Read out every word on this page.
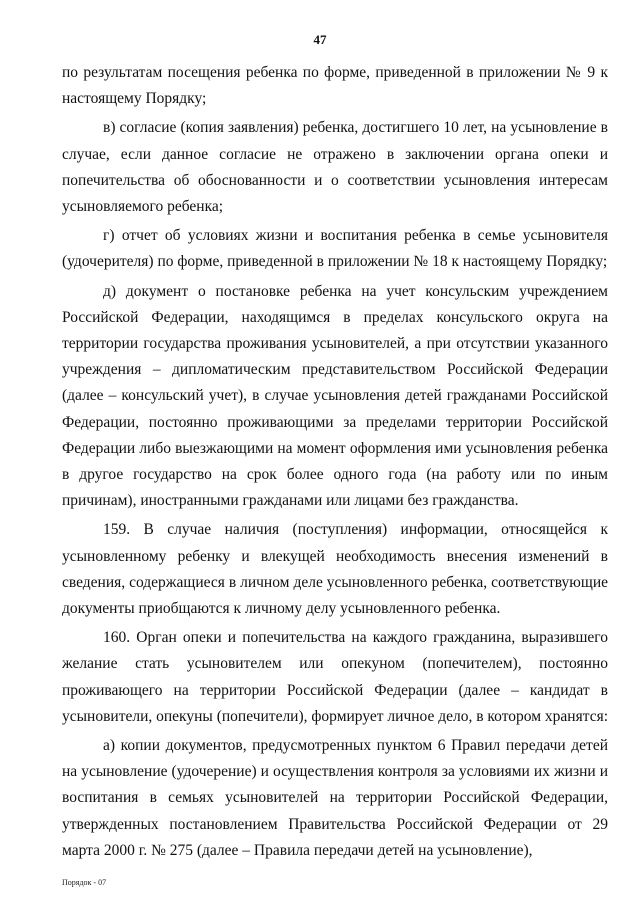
47

по результатам посещения ребенка по форме, приведенной в приложении № 9 к настоящему Порядку;

в) согласие (копия заявления) ребенка, достигшего 10 лет, на усыновление в случае, если данное согласие не отражено в заключении органа опеки и попечительства об обоснованности и о соответствии усыновления интересам усыновляемого ребенка;

г) отчет об условиях жизни и воспитания ребенка в семье усыновителя (удочерителя) по форме, приведенной в приложении № 18 к настоящему Порядку;

д) документ о постановке ребенка на учет консульским учреждением Российской Федерации, находящимся в пределах консульского округа на территории государства проживания усыновителей, а при отсутствии указанного учреждения – дипломатическим представительством Российской Федерации (далее – консульский учет), в случае усыновления детей гражданами Российской Федерации, постоянно проживающими за пределами территории Российской Федерации либо выезжающими на момент оформления ими усыновления ребенка в другое государство на срок более одного года (на работу или по иным причинам), иностранными гражданами или лицами без гражданства.

159. В случае наличия (поступления) информации, относящейся к усыновленному ребенку и влекущей необходимость внесения изменений в сведения, содержащиеся в личном деле усыновленного ребенка, соответствующие документы приобщаются к личному делу усыновленного ребенка.

160. Орган опеки и попечительства на каждого гражданина, выразившего желание стать усыновителем или опекуном (попечителем), постоянно проживающего на территории Российской Федерации (далее – кандидат в усыновители, опекуны (попечители), формирует личное дело, в котором хранятся:

а) копии документов, предусмотренных пунктом 6 Правил передачи детей на усыновление (удочерение) и осуществления контроля за условиями их жизни и воспитания в семьях усыновителей на территории Российской Федерации, утвержденных постановлением Правительства Российской Федерации от 29 марта 2000 г. № 275 (далее – Правила передачи детей на усыновление),

Порядок - 07
